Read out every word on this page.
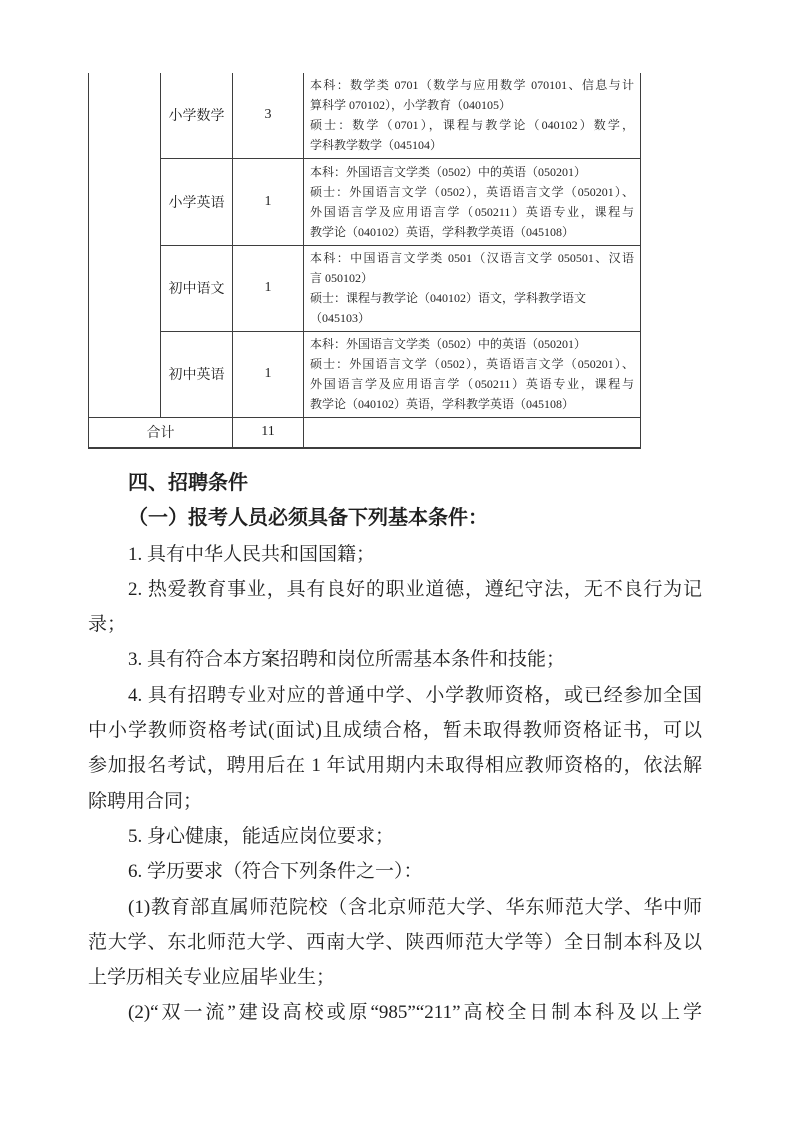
	小学数学	3	本科：数学类 0701（数学与应用数学 070101、信息与计
算科学 070102），小学教育（040105）
硕士：数学（0701），课程与教学论（040102）数学，
学科教学数学（045104）

	小学英语	1	本科：外国语言文学类（0502）中的英语（050201）
硕士：外国语言文学（0502），英语语言文学（050201）、
外国语言学及应用语言学（050211）英语专业，课程与
教学论（040102）英语，学科教学英语（045108）

	初中语文	1	本科：中国语言文学类 0501（汉语言文学 050501、汉语
言 050102）
硕士：课程与教学论（040102）语文，学科教学语文
（045103）

	初中英语	1	本科：外国语言文学类（0502）中的英语（050201）
硕士：外国语言文学（0502），英语语言文学（050201）、
外国语言学及应用语言学（050211）英语专业，课程与
教学论（040102）英语，学科教学英语（045108）

合计		11	
四、招聘条件
（一）报考人员必须具备下列基本条件：
1. 具有中华人民共和国国籍；
2. 热爱教育事业，具有良好的职业道德，遵纪守法，无不良行为记
录；
3. 具有符合本方案招聘和岗位所需基本条件和技能；
4. 具有招聘专业对应的普通中学、小学教师资格，或已经参加全国
中小学教师资格考试(面试)且成绩合格，暂未取得教师资格证书，可以
参加报名考试，聘用后在 1 年试用期内未取得相应教师资格的，依法解
除聘用合同；
5. 身心健康，能适应岗位要求；
6. 学历要求（符合下列条件之一）：
(1)教育部直属师范院校（含北京师范大学、华东师范大学、华中师
范大学、东北师范大学、西南大学、陕西师范大学等）全日制本科及以
上学历相关专业应届毕业生；
(2)“双一流”建设高校或原“985”“211”高校全日制本科及以上学
